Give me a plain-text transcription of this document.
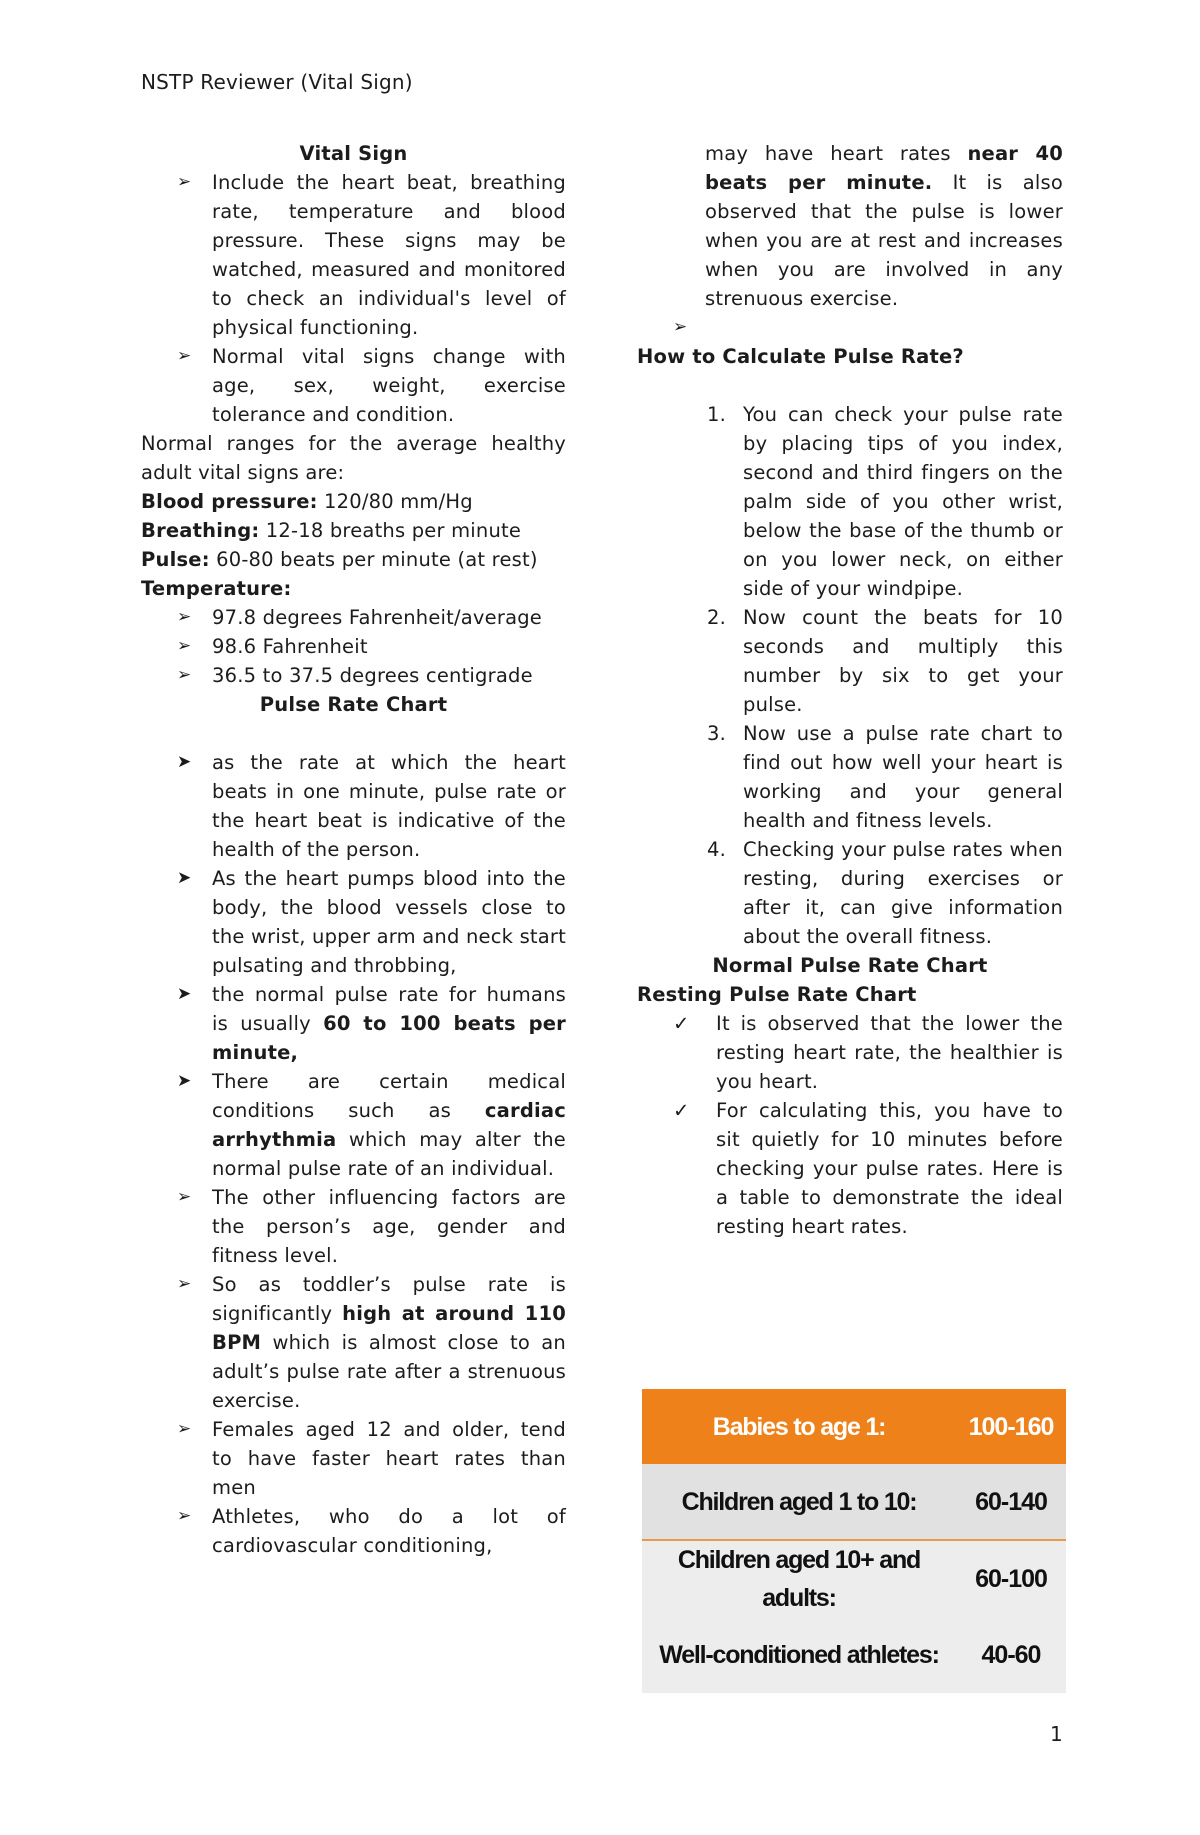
NSTP Reviewer (Vital Sign)
Vital Sign
➢ Include the heart beat, breathing rate, temperature and blood pressure. These signs may be watched, measured and monitored to check an individual's level of physical functioning.
➢ Normal vital signs change with age, sex, weight, exercise tolerance and condition.
Normal ranges for the average healthy adult vital signs are:
Blood pressure: 120/80 mm/Hg
Breathing: 12-18 breaths per minute
Pulse: 60-80 beats per minute (at rest)
Temperature:
➢ 97.8 degrees Fahrenheit/average
➢ 98.6 Fahrenheit
➢ 36.5 to 37.5 degrees centigrade
Pulse Rate Chart
➤ as the rate at which the heart beats in one minute, pulse rate or the heart beat is indicative of the health of the person.
➤ As the heart pumps blood into the body, the blood vessels close to the wrist, upper arm and neck start pulsating and throbbing,
➤ the normal pulse rate for humans is usually 60 to 100 beats per minute,
➤ There are certain medical conditions such as cardiac arrhythmia which may alter the normal pulse rate of an individual.
➢ The other influencing factors are the person’s age, gender and fitness level.
➢ So as toddler’s pulse rate is significantly high at around 110 BPM which is almost close to an adult’s pulse rate after a strenuous exercise.
➢ Females aged 12 and older, tend to have faster heart rates than men
➢ Athletes, who do a lot of cardiovascular conditioning,
may have heart rates near 40 beats per minute. It is also observed that the pulse is lower when you are at rest and increases when you are involved in any strenuous exercise.
➢

How to Calculate Pulse Rate?
1. You can check your pulse rate by placing tips of you index, second and third fingers on the palm side of you other wrist, below the base of the thumb or on you lower neck, on either side of your windpipe.
2. Now count the beats for 10 seconds and multiply this number by six to get your pulse.
3. Now use a pulse rate chart to find out how well your heart is working and your general health and fitness levels.
4. Checking your pulse rates when resting, during exercises or after it, can give information about the overall fitness.
Normal Pulse Rate Chart
Resting Pulse Rate Chart
✓ It is observed that the lower the resting heart rate, the healthier is you heart.
✓ For calculating this, you have to sit quietly for 10 minutes before checking your pulse rates. Here is a table to demonstrate the ideal resting heart rates.
Babies to age 1:	100-160
Children aged 1 to 10:	60-140
Children aged 10+ and adults:
60-100
Well-conditioned athletes:	40-60
1
